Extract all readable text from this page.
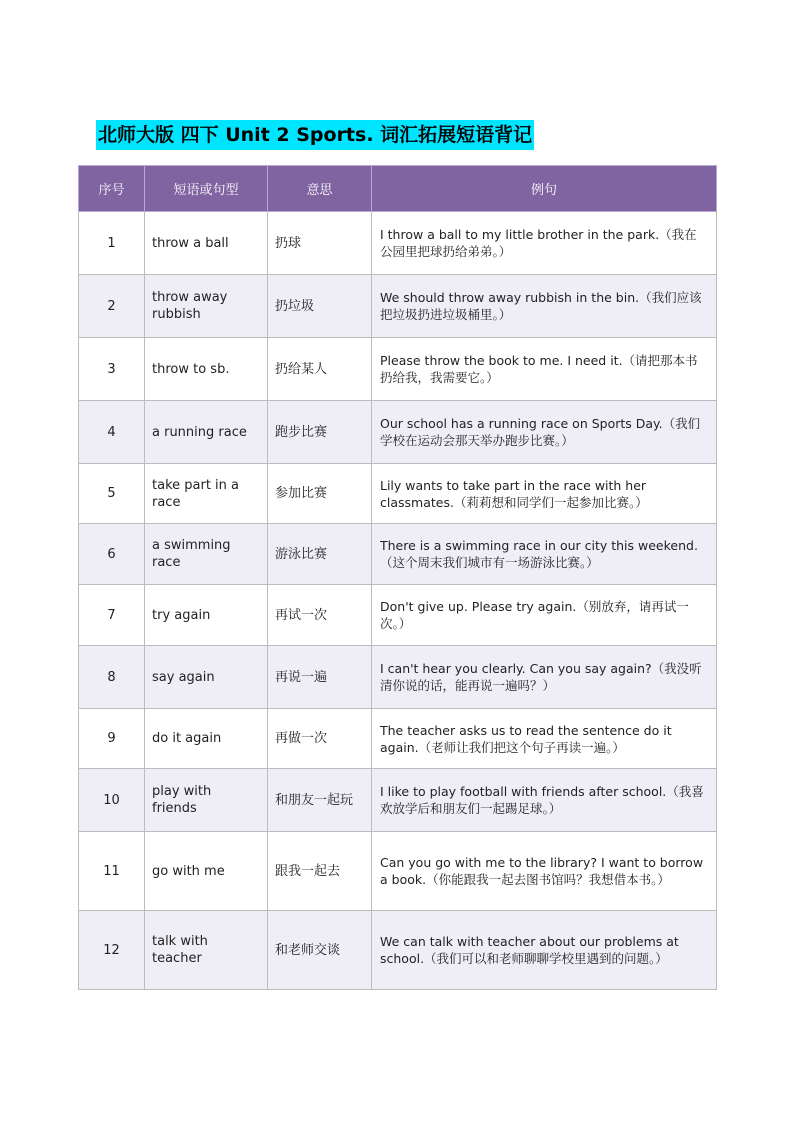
北师大版 四下 Unit 2 Sports. 词汇拓展短语背记
序号	短语或句型	意思	例句
1	throw a ball	扔球	I throw a ball to my little brother in the park.（我在公园里把球扔给弟弟。）
2	throw away rubbish	扔垃圾	We should throw away rubbish in the bin.（我们应该把垃圾扔进垃圾桶里。）
3	throw to sb.	扔给某人	Please throw the book to me. I need it.（请把那本书扔给我，我需要它。）
4	a running race	跑步比赛	Our school has a running race on Sports Day.（我们学校在运动会那天举办跑步比赛。）
5	take part in a race	参加比赛	Lily wants to take part in the race with her classmates.（莉莉想和同学们一起参加比赛。）
6	a swimming race	游泳比赛	There is a swimming race in our city this weekend.（这个周末我们城市有一场游泳比赛。）
7	try again	再试一次	Don't give up. Please try again.（别放弃，请再试一次。）
8	say again	再说一遍	I can't hear you clearly. Can you say again?（我没听清你说的话，能再说一遍吗？）
9	do it again	再做一次	The teacher asks us to read the sentence do it again.（老师让我们把这个句子再读一遍。）
10	play with friends	和朋友一起玩	I like to play football with friends after school.（我喜欢放学后和朋友们一起踢足球。）
11	go with me	跟我一起去	Can you go with me to the library? I want to borrow a book.（你能跟我一起去图书馆吗？我想借本书。）
12	talk with teacher	和老师交谈	We can talk with teacher about our problems at school.（我们可以和老师聊聊学校里遇到的问题。）
